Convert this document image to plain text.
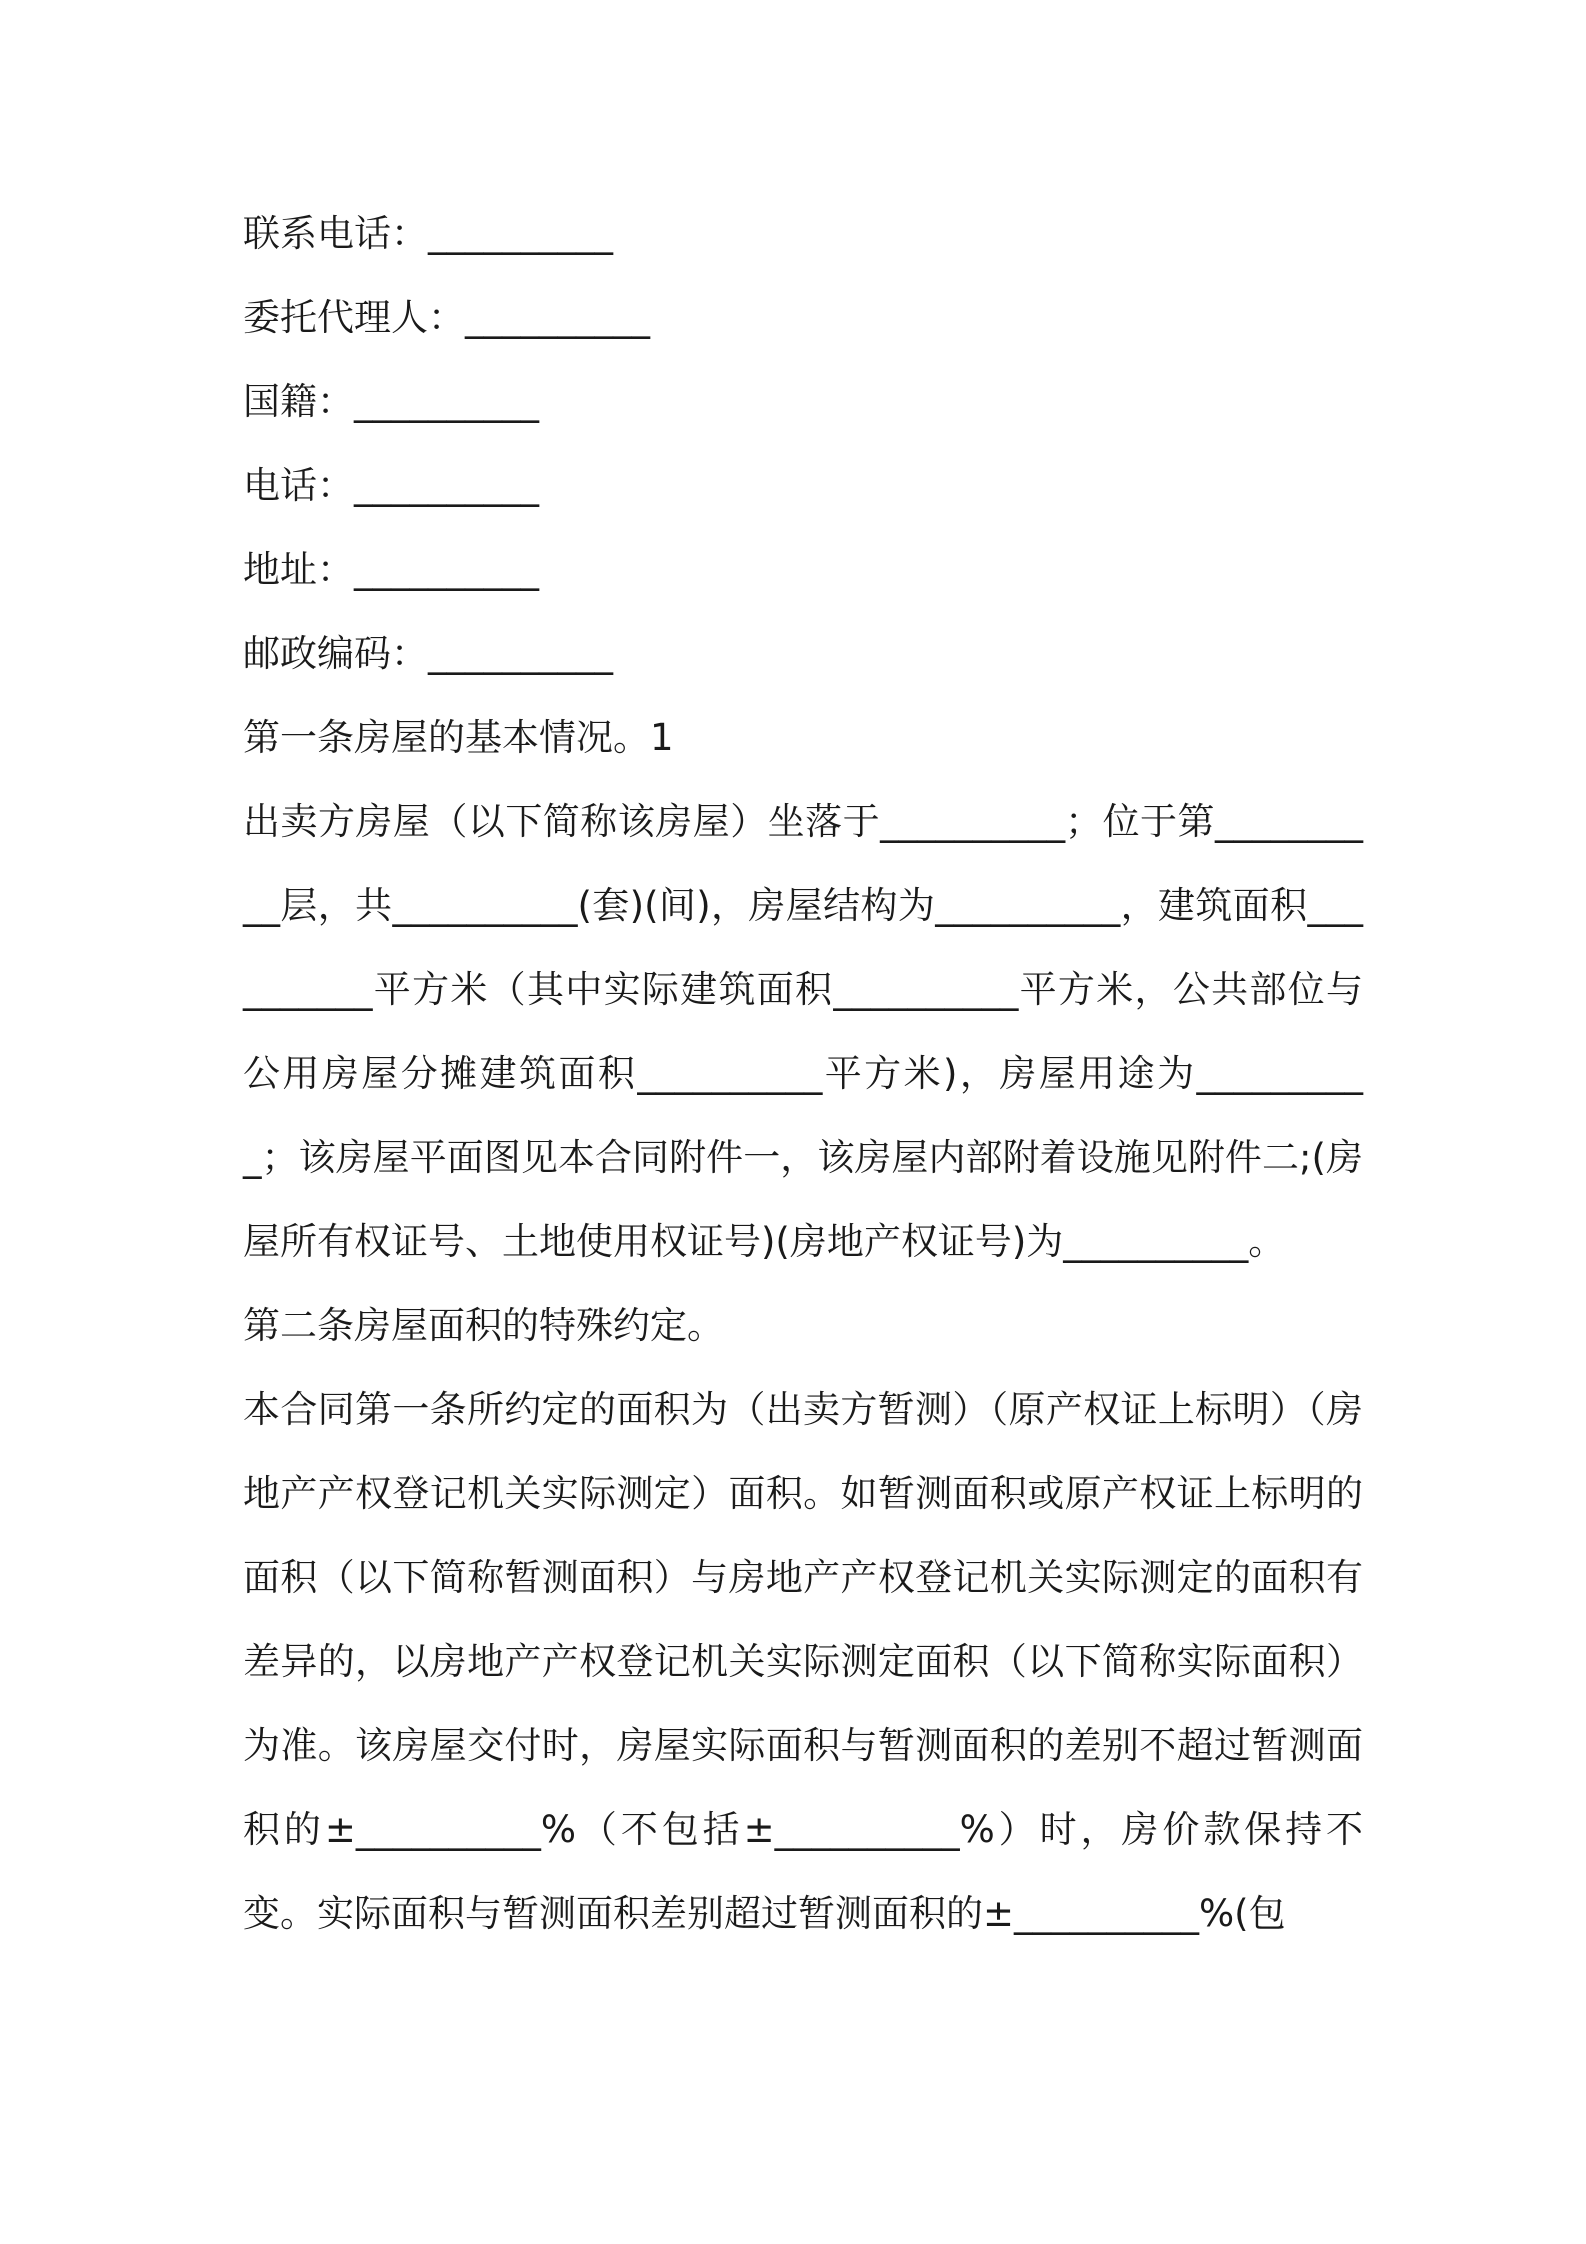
联系电话：__________
委托代理人：__________
国籍：__________
电话：__________
地址：__________
邮政编码：__________
第一条房屋的基本情况。1
出卖方房屋（以下简称该房屋）坐落于__________；位于第__________层，共__________(套)(间)，房屋结构为__________，建筑面积__________平方米（其中实际建筑面积__________平方米，公共部位与公用房屋分摊建筑面积__________平方米)，房屋用途为__________；该房屋平面图见本合同附件一，该房屋内部附着设施见附件二;(房屋所有权证号、土地使用权证号)(房地产权证号)为__________。
第二条房屋面积的特殊约定。
本合同第一条所约定的面积为（出卖方暂测）（原产权证上标明）（房地产产权登记机关实际测定）面积。如暂测面积或原产权证上标明的面积（以下简称暂测面积）与房地产产权登记机关实际测定的面积有差异的，以房地产产权登记机关实际测定面积（以下简称实际面积）为准。该房屋交付时，房屋实际面积与暂测面积的差别不超过暂测面积的±__________%（不包括±__________%）时，房价款保持不变。实际面积与暂测面积差别超过暂测面积的±__________%(包
